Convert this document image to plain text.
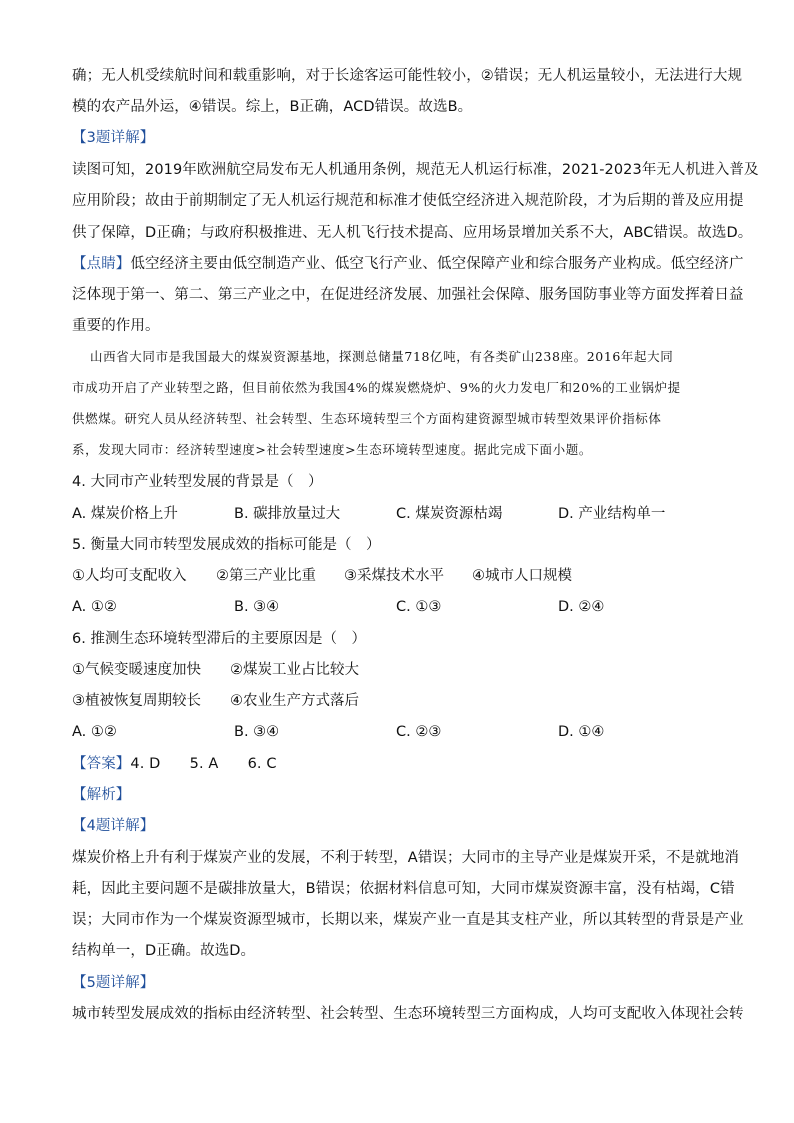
确；无人机受续航时间和载重影响，对于长途客运可能性较小，②错误；无人机运量较小，无法进行大规
模的农产品外运，④错误。综上，B正确，ACD错误。故选B。
【3题详解】
读图可知，2019年欧洲航空局发布无人机通用条例，规范无人机运行标准，2021-2023年无人机进入普及
应用阶段；故由于前期制定了无人机运行规范和标准才使低空经济进入规范阶段，才为后期的普及应用提
供了保障，D正确；与政府积极推进、无人机飞行技术提高、应用场景增加关系不大，ABC错误。故选D。
【点睛】低空经济主要由低空制造产业、低空飞行产业、低空保障产业和综合服务产业构成。低空经济广
泛体现于第一、第二、第三产业之中，在促进经济发展、加强社会保障、服务国防事业等方面发挥着日益
重要的作用。
山西省大同市是我国最大的煤炭资源基地，探测总储量718亿吨，有各类矿山238座。2016年起大同
市成功开启了产业转型之路，但目前依然为我国4%的煤炭燃烧炉、9%的火力发电厂和20%的工业锅炉提
供燃煤。研究人员从经济转型、社会转型、生态环境转型三个方面构建资源型城市转型效果评价指标体
系，发现大同市：经济转型速度>社会转型速度>生态环境转型速度。据此完成下面小题。
4. 大同市产业转型发展的背景是（　）
A. 煤炭价格上升	B. 碳排放量过大	C. 煤炭资源枯竭	D. 产业结构单一
5. 衡量大同市转型发展成效的指标可能是（　）
①人均可支配收入 ②第三产业比重 ③采煤技术水平 ④城市人口规模
A. ①②	B. ③④	C. ①③	D. ②④
6. 推测生态环境转型滞后的主要原因是（　）
①气候变暖速度加快 ②煤炭工业占比较大
③植被恢复周期较长 ④农业生产方式落后
A. ①②	B. ③④	C. ②③	D. ①④
【答案】4. D　　5. A　　6. C
【解析】
【4题详解】
煤炭价格上升有利于煤炭产业的发展，不利于转型，A错误；大同市的主导产业是煤炭开采，不是就地消
耗，因此主要问题不是碳排放量大，B错误；依据材料信息可知，大同市煤炭资源丰富，没有枯竭，C错
误；大同市作为一个煤炭资源型城市，长期以来，煤炭产业一直是其支柱产业，所以其转型的背景是产业
结构单一，D正确。故选D。
【5题详解】
城市转型发展成效的指标由经济转型、社会转型、生态环境转型三方面构成，人均可支配收入体现社会转
